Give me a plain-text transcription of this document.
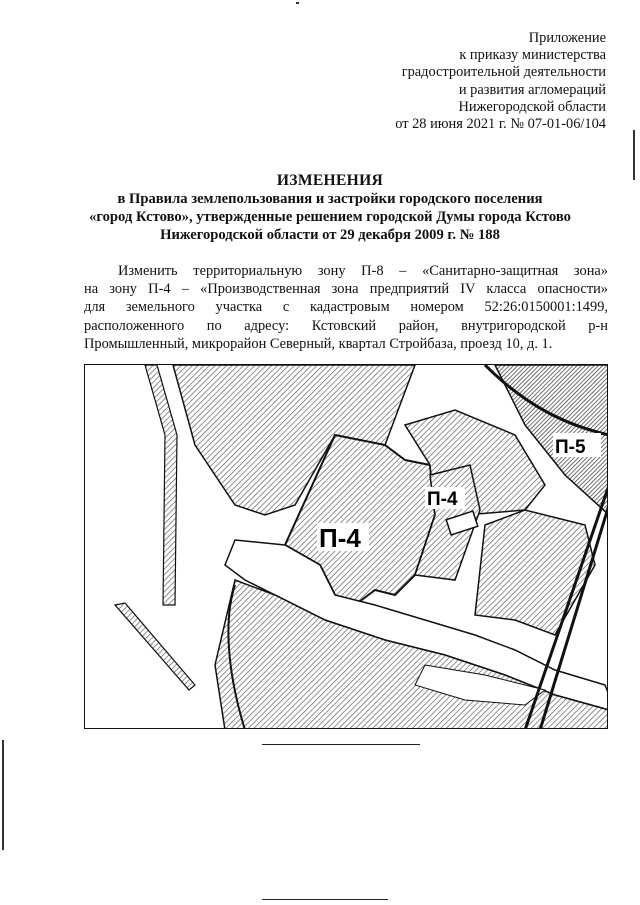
Приложение
к приказу министерства
градостроительной деятельности
и развития агломераций
Нижегородской области
от 28 июня 2021 г. № 07-01-06/104
ИЗМЕНЕНИЯ
в Правила землепользования и застройки городского поселения
«город Кстово», утвержденные решением городской Думы города Кстово
Нижегородской области от 29 декабря 2009 г. № 188
Изменить территориальную зону П-8 – «Санитарно-защитная зона»
на зону П-4 – «Производственная зона предприятий IV класса опасности»
для земельного участка с кадастровым номером 52:26:0150001:1499,
расположенного по адресу: Кстовский район, внутригородской р-н
Промышленный, микрорайон Северный, квартал Стройбаза, проезд 10, д. 1.
П-4
П-4
П-5
